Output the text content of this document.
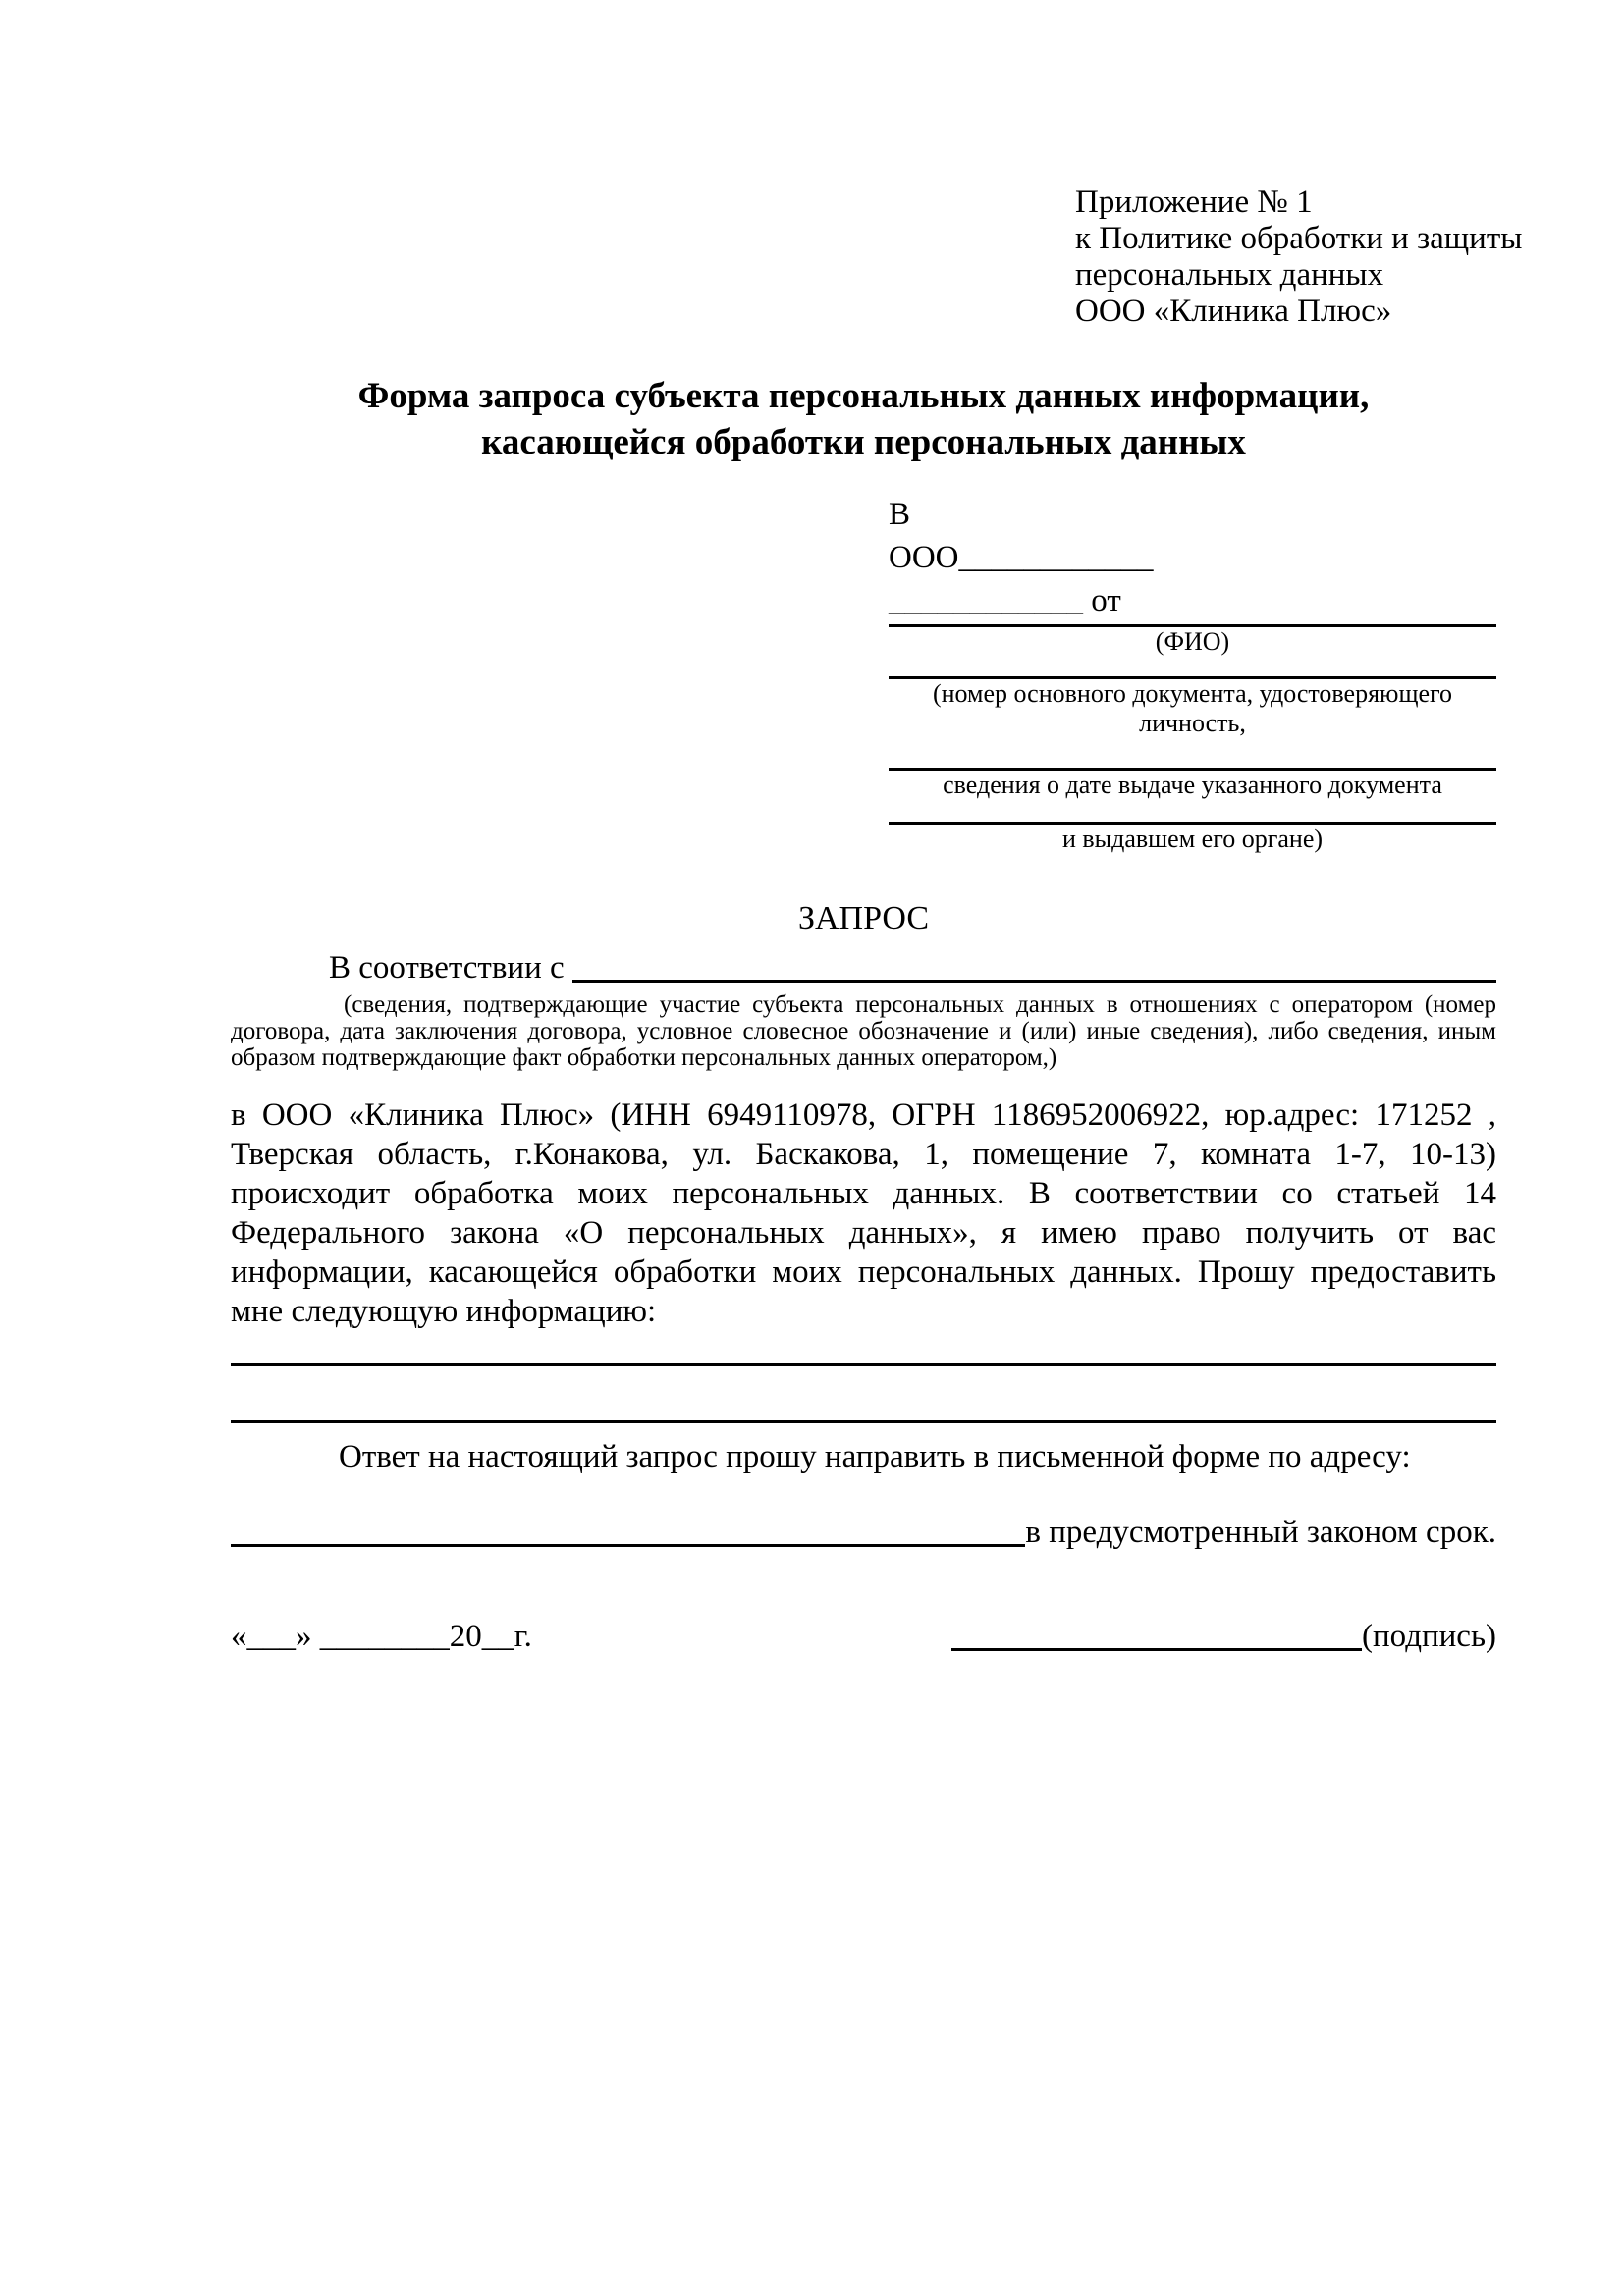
Приложение № 1
к Политике обработки и защиты
персональных данных
ООО «Клиника Плюс»
Форма запроса субъекта персональных данных информации,
касающейся обработки персональных данных
В
ООО____________
____________ от
(ФИО)
(номер основного документа, удостоверяющего личность,
сведения о дате выдаче указанного документа
и выдавшем его органе)
ЗАПРОС
В соответствии с

(сведения, подтверждающие участие субъекта персональных данных в отношениях с оператором (номер договора, дата заключения договора, условное словесное обозначение и (или) иные сведения), либо сведения, иным образом подтверждающие факт обработки персональных данных оператором,)

в ООО «Клиника Плюс» (ИНН 6949110978, ОГРН 1186952006922, юр.адрес: 171252 , Тверская область, г.Конакова, ул. Баскакова, 1, помещение 7, комната 1-7, 10-13) происходит обработка моих персональных данных. В соответствии со статьей 14 Федерального закона «О персональных данных», я имею право получить от вас информации, касающейся обработки моих персональных данных. Прошу предоставить мне следующую информацию:

Ответ на настоящий запрос прошу направить в письменной форме по адресу:

в предусмотренный законом срок.
«___» ________20__г.	(подпись)
